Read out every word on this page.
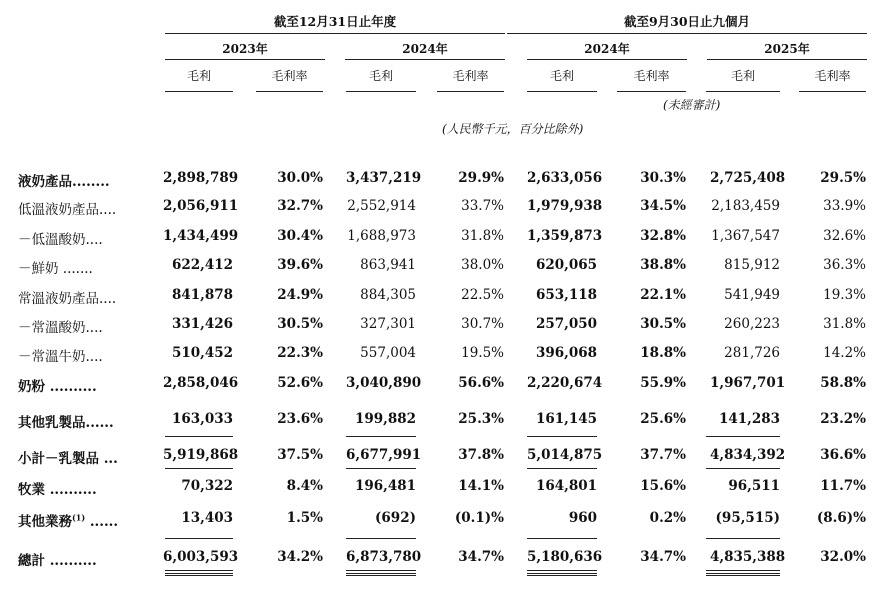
截至12月31日止年度	截至9月30日止九個月
2023年	2024年	2024年	2025年
毛利	毛利率	毛利	毛利率	毛利	毛利率	毛利	毛利率
(未經審計)
(人民幣千元，百分比除外)
液奶產品........	2,898,789	30.0% 3,437,219	29.9% 2,633,056	30.3% 2,725,408	29.5%
低溫液奶產品....	2,056,911	32.7% 2,552,914	33.7% 1,979,938	34.5% 2,183,459	33.9%
－低溫酸奶....	1,434,499	30.4% 1,688,973	31.8% 1,359,873	32.8% 1,367,547	32.6%
－鮮奶 .......	622,412	39.6%	863,941	38.0%	620,065	38.8%	815,912	36.3%
常溫液奶產品....	841,878	24.9%	884,305	22.5%	653,118	22.1%	541,949	19.3%
－常溫酸奶....	331,426	30.5%	327,301	30.7%	257,050	30.5%	260,223	31.8%
－常溫牛奶....	510,452	22.3%	557,004	19.5%	396,068	18.8%	281,726	14.2%
奶粉 ..........	2,858,046	52.6% 3,040,890	56.6% 2,220,674	55.9% 1,967,701	58.8%
其他乳製品......	163,033	23.6%	199,882	25.3%	161,145	25.6%	141,283	23.2%
小計－乳製品 ...	5,919,868	37.5% 6,677,991	37.8% 5,014,875	37.7% 4,834,392	36.6%
牧業 ..........	70,322	8.4%	196,481	14.1%	164,801	15.6%	96,511	11.7%
其他業務$^{(1)}$ ......	13,403	1.5%	(692)	(0.1)%	960	0.2%	(95,515)	(8.6)%
總計 ..........	6,003,593	34.2% 6,873,780	34.7% 5,180,636	34.7% 4,835,388	32.0%
